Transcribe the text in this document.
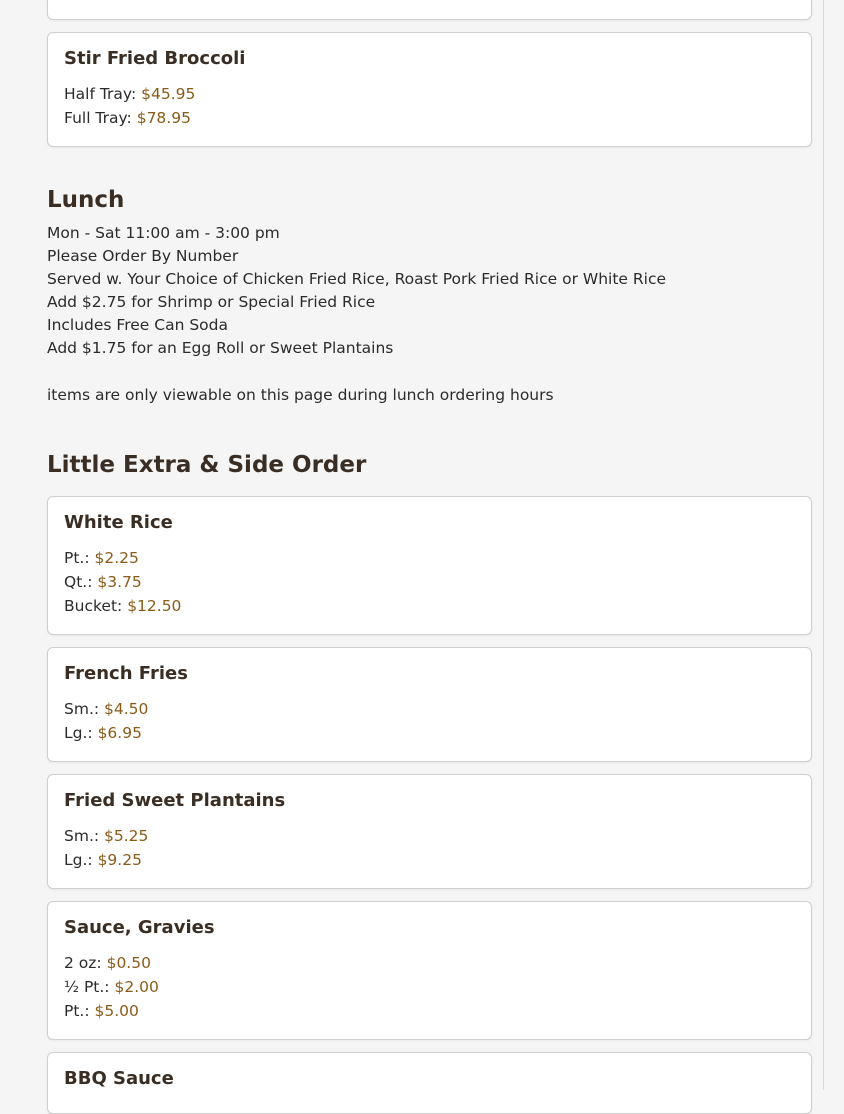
Stir Fried Broccoli
Half Tray: $45.95
Full Tray: $78.95
Lunch
Mon - Sat 11:00 am - 3:00 pm
Please Order By Number
Served w. Your Choice of Chicken Fried Rice, Roast Pork Fried Rice or White Rice
Add $2.75 for Shrimp or Special Fried Rice
Includes Free Can Soda
Add $1.75 for an Egg Roll or Sweet Plantains
items are only viewable on this page during lunch ordering hours
Little Extra & Side Order
White Rice
Pt.: $2.25
Qt.: $3.75
Bucket: $12.50
French Fries
Sm.: $4.50
Lg.: $6.95
Fried Sweet Plantains
Sm.: $5.25
Lg.: $9.25
Sauce, Gravies
2 oz: $0.50
½ Pt.: $2.00
Pt.: $5.00
BBQ Sauce
